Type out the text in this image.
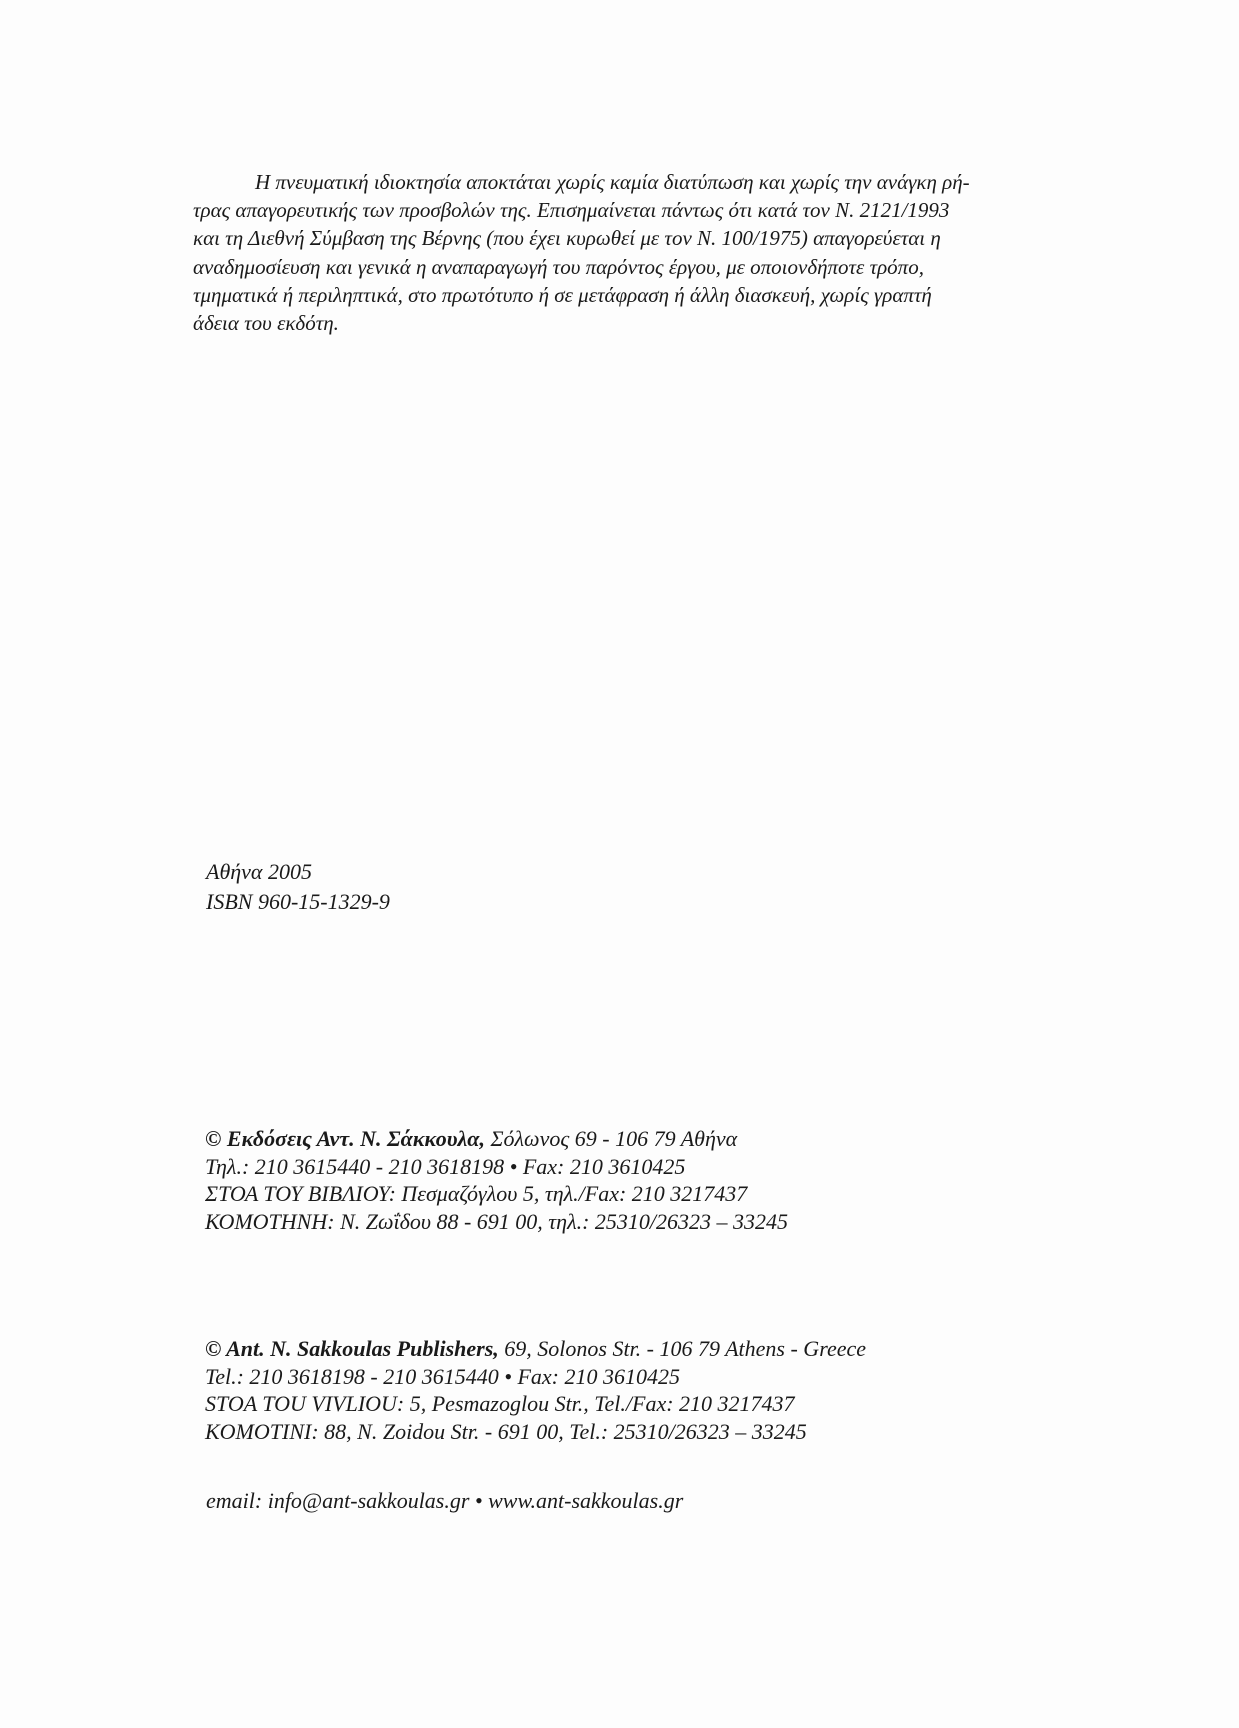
Η πνευματική ιδιοκτησία αποκτάται χωρίς καμία διατύπωση και χωρίς την ανάγκη ρή-
τρας απαγορευτικής των προσβολών της. Επισημαίνεται πάντως ότι κατά τον Ν. 2121/1993
και τη Διεθνή Σύμβαση της Βέρνης (που έχει κυρωθεί με τον Ν. 100/1975) απαγορεύεται η
αναδημοσίευση και γενικά η αναπαραγωγή του παρόντος έργου, με οποιονδήποτε τρόπο,
τμηματικά ή περιληπτικά, στο πρωτότυπο ή σε μετάφραση ή άλλη διασκευή, χωρίς γραπτή
άδεια του εκδότη.
Αθήνα 2005
ISBN 960-15-1329-9
© Εκδόσεις Αντ. Ν. Σάκκουλα, Σόλωνος 69 - 106 79 Αθήνα
Τηλ.: 210 3615440 - 210 3618198 • Fax: 210 3610425
ΣΤΟΑ ΤΟΥ ΒΙΒΛΙΟΥ: Πεσμαζόγλου 5, τηλ./Fax: 210 3217437
ΚΟΜΟΤΗΝΗ: Ν. Ζωΐδου 88 - 691 00, τηλ.: 25310/26323 – 33245
© Ant. N. Sakkoulas Publishers, 69, Solonos Str. - 106 79 Athens - Greece
Tel.: 210 3618198 - 210 3615440 • Fax: 210 3610425
STOA TOU VIVLIOU: 5, Pesmazoglou Str., Tel./Fax: 210 3217437
KOMOTINI: 88, N. Zoidou Str. - 691 00, Tel.: 25310/26323 – 33245
email: info@ant-sakkoulas.gr • www.ant-sakkoulas.gr
